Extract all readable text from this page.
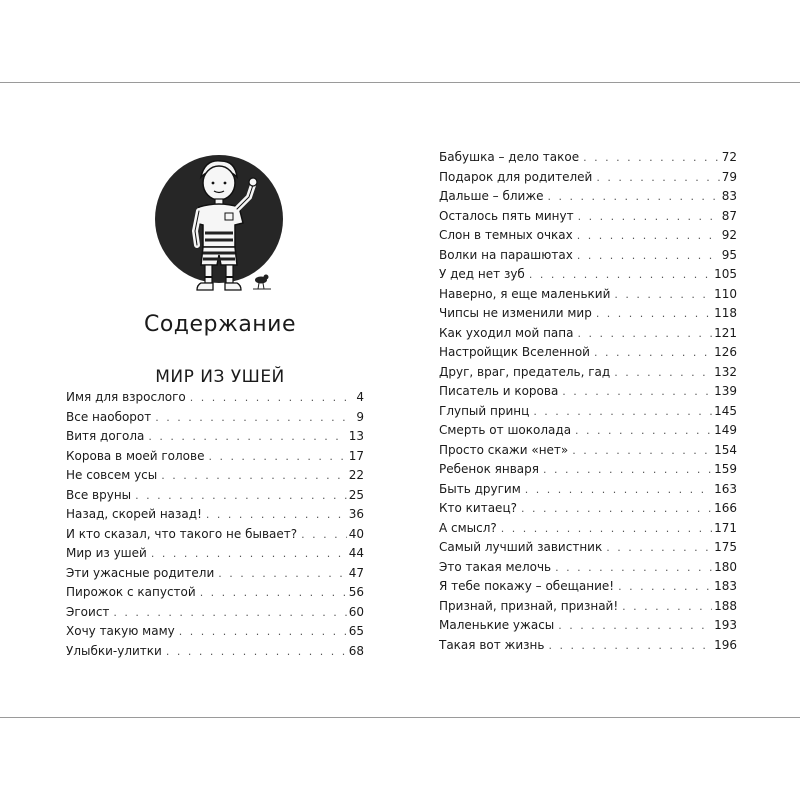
Содержание
МИР ИЗ УШЕЙ
Имя для взрослого . . .	4
Все наоборот . . .	9
Витя догола . . .	13
Корова в моей голове . . .	17
Не совсем усы . . .	22
Все вруны . . .	25
Назад, скорей назад! . . .	36
И кто сказал, что такого не бывает? . . .	40
Мир из ушей . . .	44
Эти ужасные родители . . .	47
Пирожок с капустой . . .	56
Эгоист . . .	60
Хочу такую маму . . .	65
Улыбки-улитки . . .	68
Бабушка – дело такое . . .	72
Подарок для родителей . . .	79
Дальше – ближе . . .	83
Осталось пять минут . . .	87
Слон в темных очках . . .	92
Волки на парашютах . . .	95
У дед нет зуб . . .	105
Наверно, я еще маленький . . .	110
Чипсы не изменили мир . . .	118
Как уходил мой папа . . .	121
Настройщик Вселенной . . .	126
Друг, враг, предатель, гад . . .	132
Писатель и корова . . .	139
Глупый принц . . .	145
Смерть от шоколада . . .	149
Просто скажи «нет» . . .	154
Ребенок января . . .	159
Быть другим . . .	163
Кто китаец? . . .	166
А смысл? . . .	171
Самый лучший завистник . . .	175
Это такая мелочь . . .	180
Я тебе покажу – обещание! . . .	183
Признай, признай, признай! . . .	188
Маленькие ужасы . . .	193
Такая вот жизнь . . .	196
